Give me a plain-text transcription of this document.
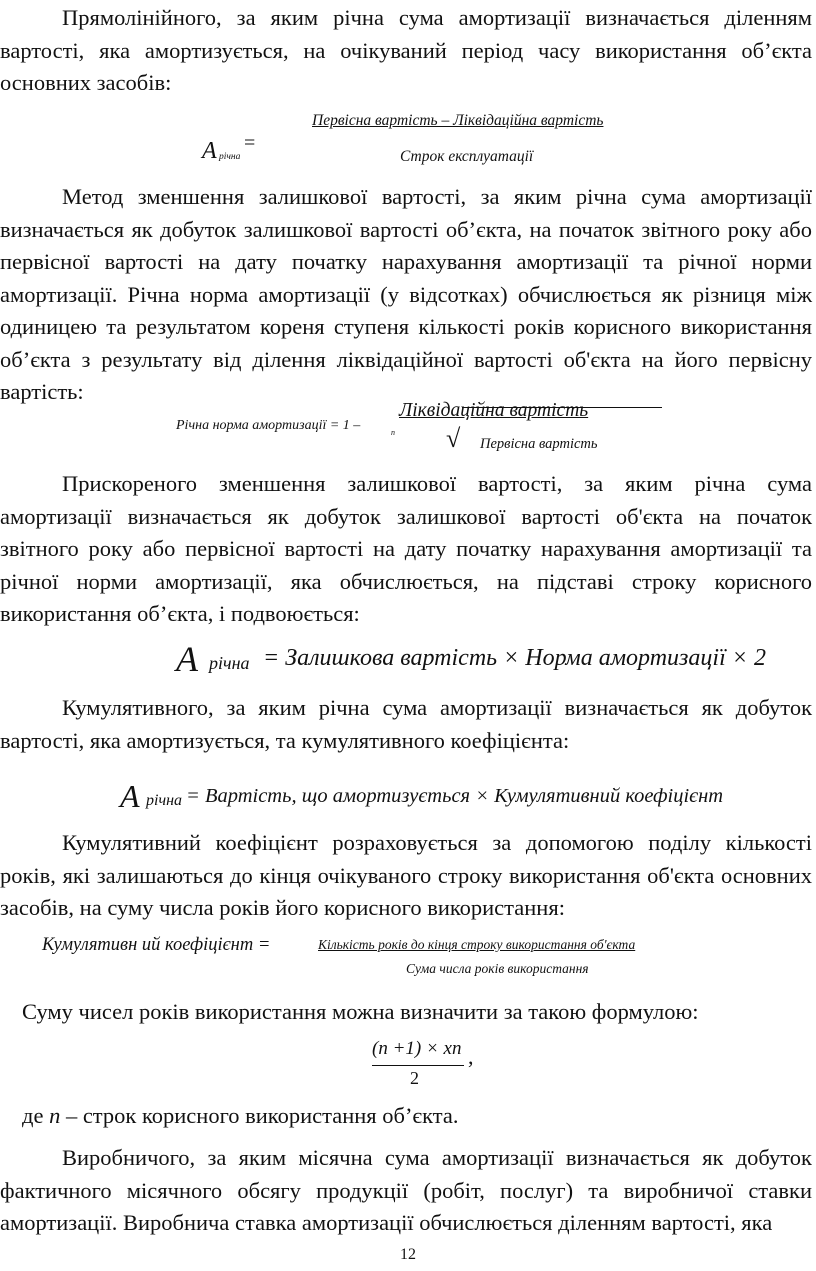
Прямолінійного, за яким річна сума амортизації визначається діленням вартості, яка амортизується, на очікуваний період часу використання об’єкта основних засобів:

Первісна вартість – Ліквідаційна вартість
A річна
=
Строк експлуатації

Метод зменшення залишкової вартості, за яким річна сума амортизації визначається як добуток залишкової вартості об’єкта, на початок звітного року або первісної вартості на дату початку нарахування амортизації та річної норми амортизації. Річна норма амортизації (у відсотках) обчислюється як різниця між одиницею та результатом кореня ступеня кількості років корисного використання об’єкта з результату від ділення ліквідаційної вартості об'єкта на його первісну вартість:

Річна норма амортизації = 1 –	n √
Ліквідаційна вартість
Первісна вартість

Прискореного зменшення залишкової вартості, за яким річна сума амортизації визначається як добуток залишкової вартості об'єкта на початок звітного року або первісної вартості на дату початку нарахування амортизації та річної норми амортизації, яка обчислюється, на підставі строку корисного використання об’єкта, і подвоюється:

A річна = Залишкова вартість × Норма амортизації × 2

Кумулятивного, за яким річна сума амортизації визначається як добуток вартості, яка амортизується, та кумулятивного коефіцієнта:

A річна = Вартість, що амортизується × Кумулятивний коефіцієнт

Кумулятивний коефіцієнт розраховується за допомогою поділу кількості років, які залишаються до кінця очікуваного строку використання об'єкта основних засобів, на суму числа років його корисного використання:

Кумулятивн ий коефіцієнт =	Кількість років до кінця строку використання об'єкта
Сума числа років використання

Суму чисел років використання можна визначити за такою формулою:

(n +1) × xn
2
,

де n – строк корисного використання об’єкта.

Виробничого, за яким місячна сума амортизації визначається як добуток фактичного місячного обсягу продукції (робіт, послуг) та виробничої ставки амортизації. Виробнича ставка амортизації обчислюється діленням вартості, яка

12
